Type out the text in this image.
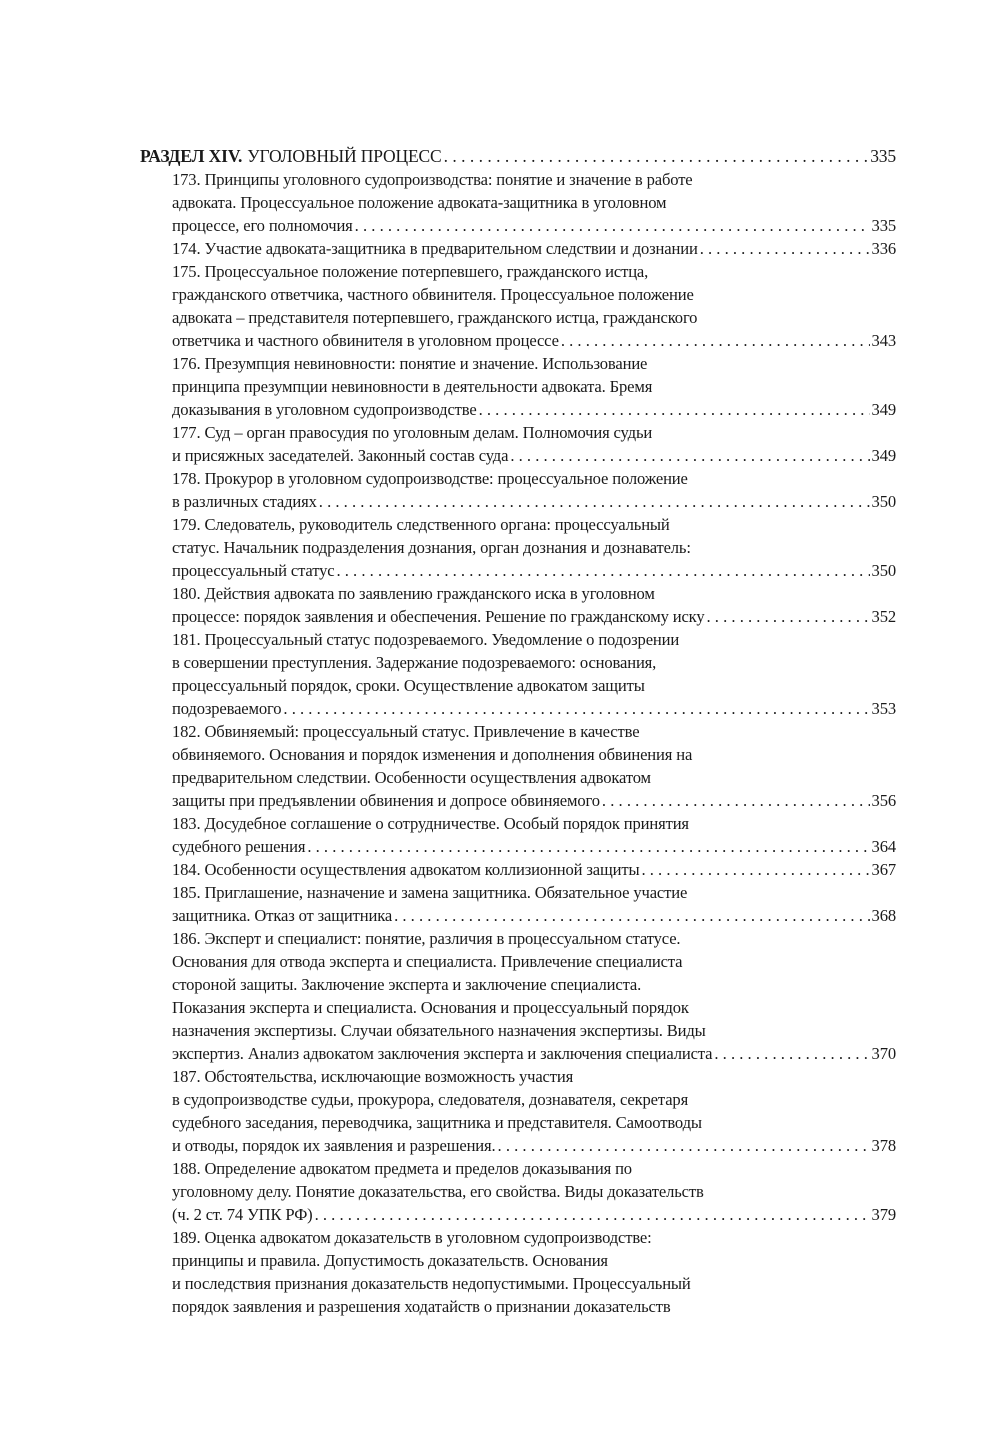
РАЗДЕЛ XIV. УГОЛОВНЫЙ ПРОЦЕСС . . .	335
173. Принципы уголовного судопроизводства: понятие и значение в работе
адвоката. Процессуальное положение адвоката-защитника в уголовном
процессе, его полномочия . . .	335
174. Участие адвоката-защитника в предварительном следствии и дознании . . .	336
175. Процессуальное положение потерпевшего, гражданского истца,
гражданского ответчика, частного обвинителя. Процессуальное положение
адвоката – представителя потерпевшего, гражданского истца, гражданского
ответчика и частного обвинителя в уголовном процессе . . .	343
176. Презумпция невиновности: понятие и значение. Использование
принципа презумпции невиновности в деятельности адвоката. Бремя
доказывания в уголовном судопроизводстве . . .	349
177. Суд – орган правосудия по уголовным делам. Полномочия судьи
и присяжных заседателей. Законный состав суда . . .	349
178. Прокурор в уголовном судопроизводстве: процессуальное положение
в различных стадиях . . .	350
179. Следователь, руководитель следственного органа: процессуальный
статус. Начальник подразделения дознания, орган дознания и дознаватель:
процессуальный статус . . .	350
180. Действия адвоката по заявлению гражданского иска в уголовном
процессе: порядок заявления и обеспечения. Решение по гражданскому иску . . .	352
181. Процессуальный статус подозреваемого. Уведомление о подозрении
в совершении преступления. Задержание подозреваемого: основания,
процессуальный порядок, сроки. Осуществление адвокатом защиты
подозреваемого . . .	353
182. Обвиняемый: процессуальный статус. Привлечение в качестве
обвиняемого. Основания и порядок изменения и дополнения обвинения на
предварительном следствии. Особенности осуществления адвокатом
защиты при предъявлении обвинения и допросе обвиняемого . . .	356
183. Досудебное соглашение о сотрудничестве. Особый порядок принятия
судебного решения . . .	364
184. Особенности осуществления адвокатом коллизионной защиты . . .	367
185. Приглашение, назначение и замена защитника. Обязательное участие
защитника. Отказ от защитника . . .	368
186. Эксперт и специалист: понятие, различия в процессуальном статусе.
Основания для отвода эксперта и специалиста. Привлечение специалиста
стороной защиты. Заключение эксперта и заключение специалиста.
Показания эксперта и специалиста. Основания и процессуальный порядок
назначения экспертизы. Случаи обязательного назначения экспертизы. Виды
экспертиз. Анализ адвокатом заключения эксперта и заключения специалиста . . .	370
187. Обстоятельства, исключающие возможность участия
в судопроизводстве судьи, прокурора, следователя, дознавателя, секретаря
судебного заседания, переводчика, защитника и представителя. Самоотводы
и отводы, порядок их заявления и разрешения. . . .	378
188. Определение адвокатом предмета и пределов доказывания по
уголовному делу. Понятие доказательства, его свойства. Виды доказательств
(ч. 2 ст. 74 УПК РФ) . . .	379
189. Оценка адвокатом доказательств в уголовном судопроизводстве:
принципы и правила. Допустимость доказательств. Основания
и последствия признания доказательств недопустимыми. Процессуальный
порядок заявления и разрешения ходатайств о признании доказательств
